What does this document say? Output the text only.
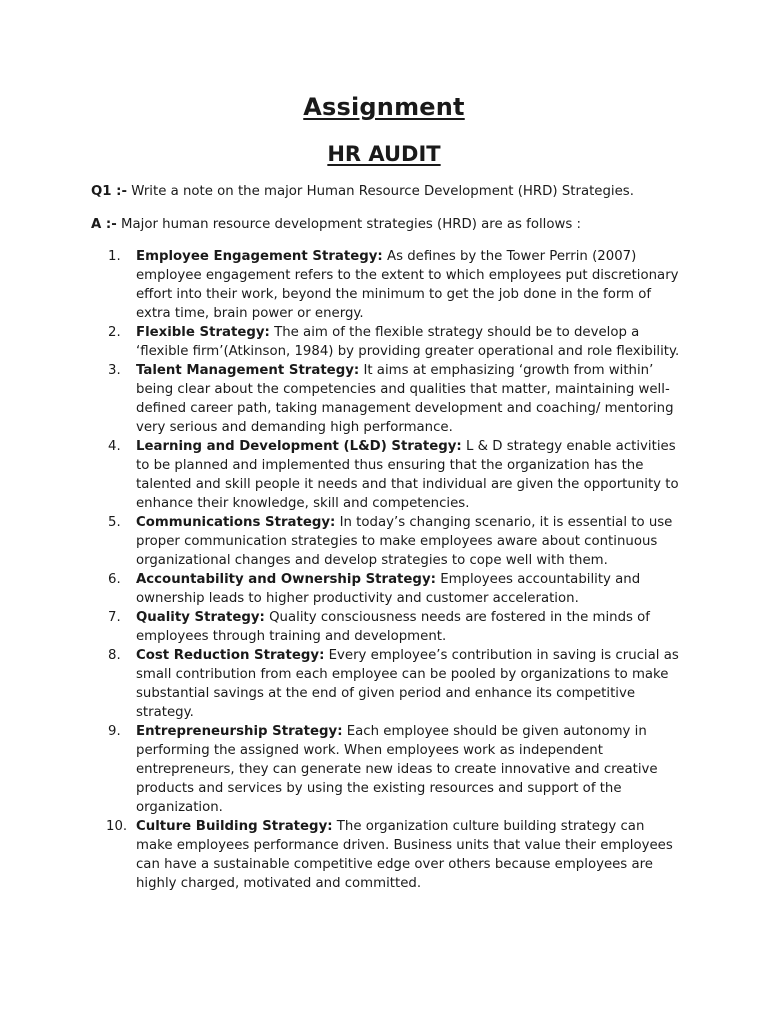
Assignment
HR AUDIT
Q1 :- Write a note on the major Human Resource Development (HRD) Strategies.
A :- Major human resource development strategies (HRD) are as follows :
1.	Employee Engagement Strategy: As defines by the Tower Perrin (2007) employee engagement refers to the extent to which employees put discretionary effort into their work, beyond the minimum to get the job done in the form of extra time, brain power or energy.
2.	Flexible Strategy: The aim of the flexible strategy should be to develop a ‘flexible firm’(Atkinson, 1984) by providing greater operational and role flexibility.
3.	Talent Management Strategy: It aims at emphasizing ‘growth from within’ being clear about the competencies and qualities that matter, maintaining well-defined career path, taking management development and coaching/ mentoring very serious and demanding high performance.
4.	Learning and Development (L&D) Strategy: L & D strategy enable activities to be planned and implemented thus ensuring that the organization has the talented and skill people it needs and that individual are given the opportunity to enhance their knowledge, skill and competencies.
5.	Communications Strategy: In today’s changing scenario, it is essential to use proper communication strategies to make employees aware about continuous organizational changes and develop strategies to cope well with them.
6.	Accountability and Ownership Strategy: Employees accountability and ownership leads to higher productivity and customer acceleration.
7.	Quality Strategy: Quality consciousness needs are fostered in the minds of employees through training and development.
8.	Cost Reduction Strategy: Every employee’s contribution in saving is crucial as small contribution from each employee can be pooled by organizations to make substantial savings at the end of given period and enhance its competitive strategy.
9.	Entrepreneurship Strategy: Each employee should be given autonomy in performing the assigned work. When employees work as independent entrepreneurs, they can generate new ideas to create innovative and creative products and services by using the existing resources and support of the organization.
10. Culture Building Strategy: The organization culture building strategy can make employees performance driven. Business units that value their employees can have a sustainable competitive edge over others because employees are highly charged, motivated and committed.
